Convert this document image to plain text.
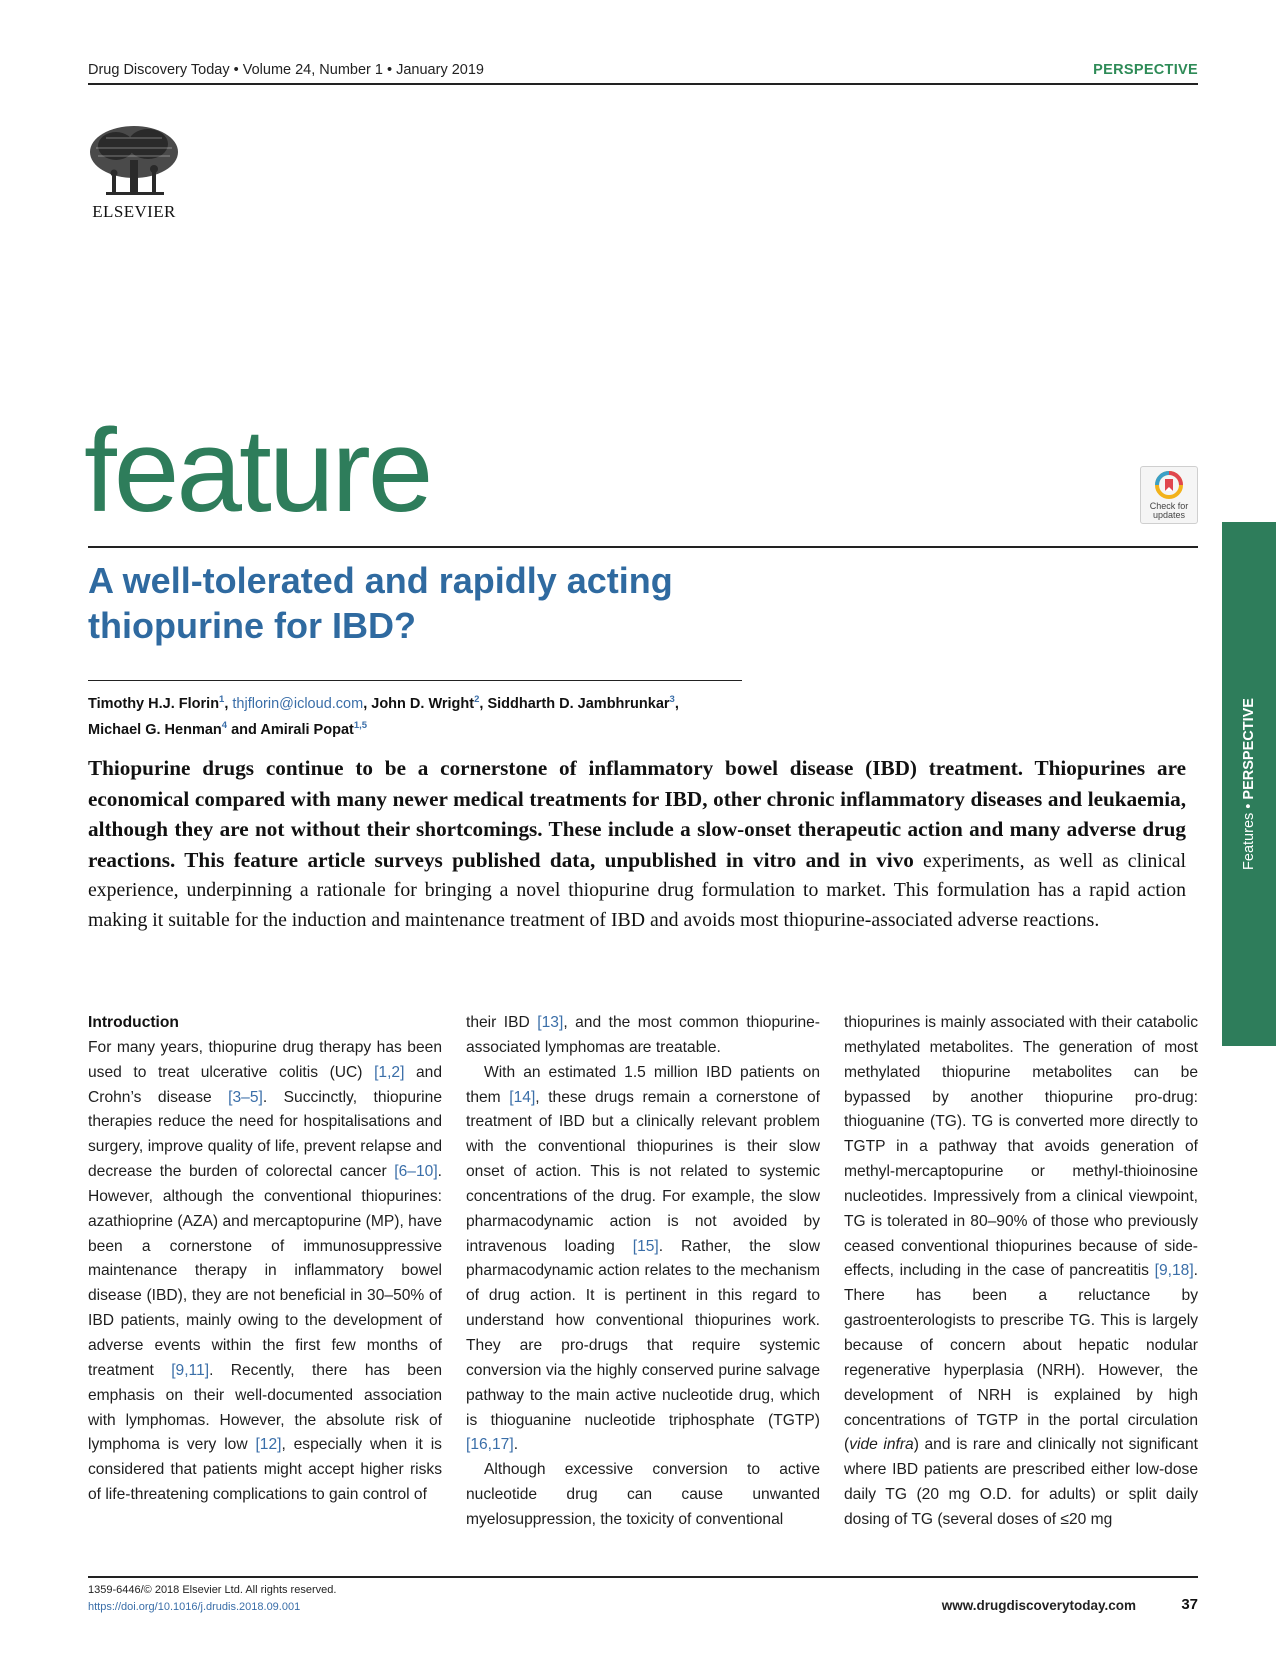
Drug Discovery Today • Volume 24, Number 1 • January 2019	PERSPECTIVE
ELSEVIER
feature	Check for
updates
Features • PERSPECTIVE
A well-tolerated and rapidly acting
thiopurine for IBD?
Timothy H.J. Florin$^1$, thjflorin@icloud.com, John D. Wright$^2$, Siddharth D. Jambhrunkar$^3$,
Michael G. Henman$^4$ and Amirali Popat$^{1,5}$
Thiopurine drugs continue to be a cornerstone of inflammatory bowel disease (IBD) treatment. Thiopurines are economical compared with many newer medical treatments for IBD, other chronic inflammatory diseases and leukaemia, although they are not without their shortcomings. These include a slow-onset therapeutic action and many adverse drug reactions. This feature article surveys published data, unpublished in vitro and in vivo experiments, as well as clinical experience, underpinning a rationale for bringing a novel thiopurine drug formulation to market. This formulation has a rapid action making it suitable for the induction and maintenance treatment of IBD and avoids most thiopurine-associated adverse reactions.
Introduction

For many years, thiopurine drug therapy has been used to treat ulcerative colitis (UC) [1,2] and Crohn’s disease [3–5]. Succinctly, thiopurine therapies reduce the need for hospitalisations and surgery, improve quality of life, prevent relapse and decrease the burden of colorectal cancer [6–10]. However, although the conventional thiopurines: azathioprine (AZA) and mercaptopurine (MP), have been a cornerstone of immunosuppressive maintenance therapy in inflammatory bowel disease (IBD), they are not beneficial in 30–50% of IBD patients, mainly owing to the development of adverse events within the first few months of treatment [9,11]. Recently, there has been emphasis on their well-documented association with lymphomas. However, the absolute risk of lymphoma is very low [12], especially when it is considered that patients might accept higher risks of life-threatening complications to gain control of

their IBD [13], and the most common thiopurine-associated lymphomas are treatable.

With an estimated 1.5 million IBD patients on them [14], these drugs remain a cornerstone of treatment of IBD but a clinically relevant problem with the conventional thiopurines is their slow onset of action. This is not related to systemic concentrations of the drug. For example, the slow pharmacodynamic action is not avoided by intravenous loading [15]. Rather, the slow pharmacodynamic action relates to the mechanism of drug action. It is pertinent in this regard to understand how conventional thiopurines work. They are pro-drugs that require systemic conversion via the highly conserved purine salvage pathway to the main active nucleotide drug, which is thioguanine nucleotide triphosphate (TGTP) [16,17].

Although excessive conversion to active nucleotide drug can cause unwanted myelosuppression, the toxicity of conventional

thiopurines is mainly associated with their catabolic methylated metabolites. The generation of most methylated thiopurine metabolites can be bypassed by another thiopurine pro-drug: thioguanine (TG). TG is converted more directly to TGTP in a pathway that avoids generation of methyl-mercaptopurine or methyl-thioinosine nucleotides. Impressively from a clinical viewpoint, TG is tolerated in 80–90% of those who previously ceased conventional thiopurines because of side-effects, including in the case of pancreatitis [9,18]. There has been a reluctance by gastroenterologists to prescribe TG. This is largely because of concern about hepatic nodular regenerative hyperplasia (NRH). However, the development of NRH is explained by high concentrations of TGTP in the portal circulation (vide infra) and is rare and clinically not significant where IBD patients are prescribed either low-dose daily TG (20 mg O.D. for adults) or split daily dosing of TG (several doses of ≤20 mg

1359-6446/© 2018 Elsevier Ltd. All rights reserved.
https://doi.org/10.1016/j.drudis.2018.09.001	www.drugdiscoverytoday.com	37
